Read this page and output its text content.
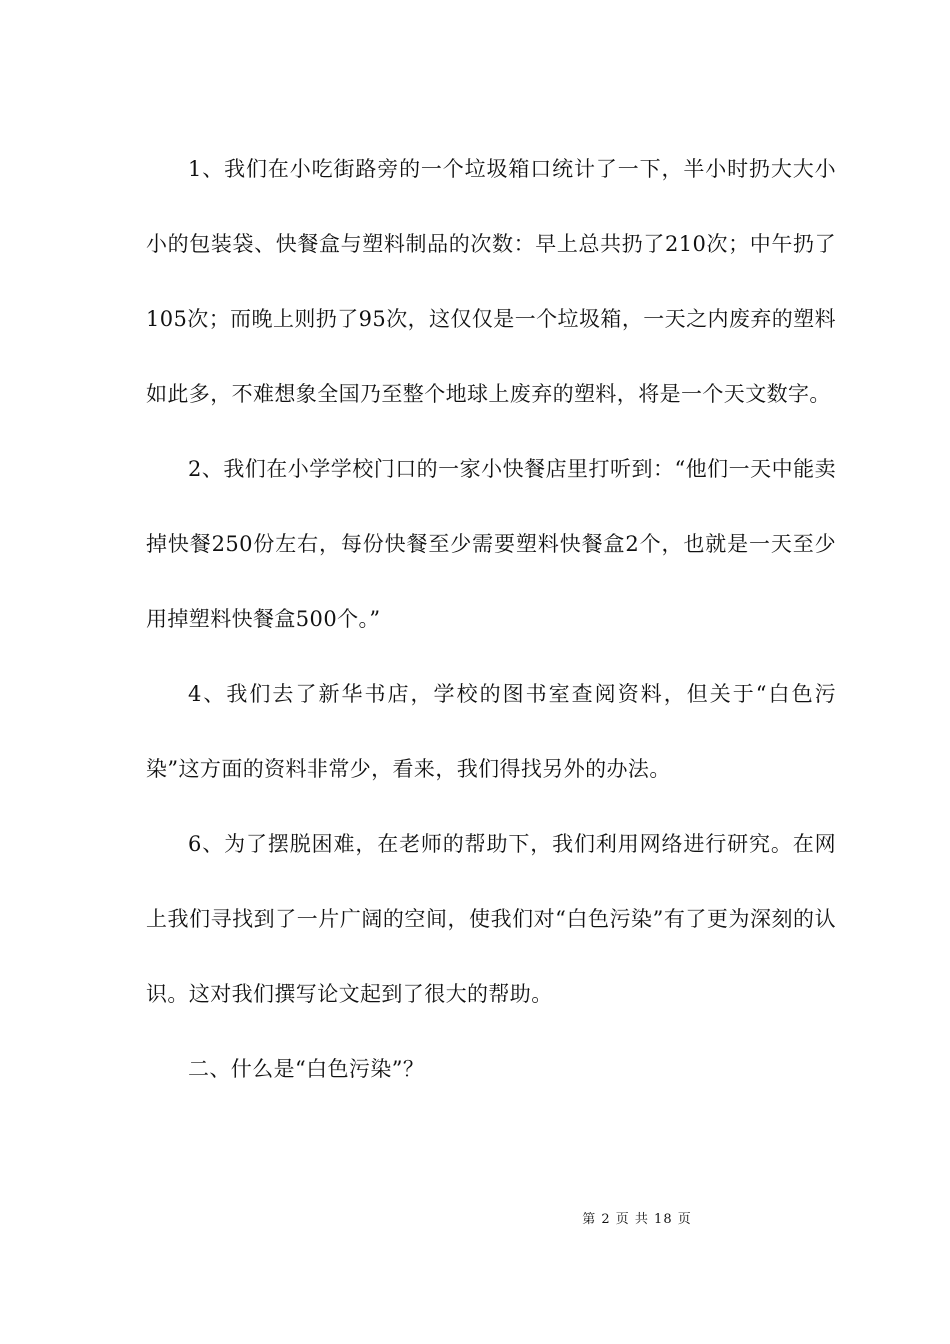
1、我们在小吃街路旁的一个垃圾箱口统计了一下，半小时扔大大小小的包装袋、快餐盒与塑料制品的次数：早上总共扔了210次；中午扔了105次；而晚上则扔了95次，这仅仅是一个垃圾箱，一天之内废弃的塑料如此多，不难想象全国乃至整个地球上废弃的塑料，将是一个天文数字。

2、我们在小学学校门口的一家小快餐店里打听到：“他们一天中能卖掉快餐250份左右，每份快餐至少需要塑料快餐盒2个，也就是一天至少用掉塑料快餐盒500个。”

4、我们去了新华书店，学校的图书室查阅资料，但关于“白色污染”这方面的资料非常少，看来，我们得找另外的办法。

6、为了摆脱困难，在老师的帮助下，我们利用网络进行研究。在网上我们寻找到了一片广阔的空间，使我们对“白色污染”有了更为深刻的认识。这对我们撰写论文起到了很大的帮助。

二、什么是“白色污染”？

第 2 页 共 18 页
